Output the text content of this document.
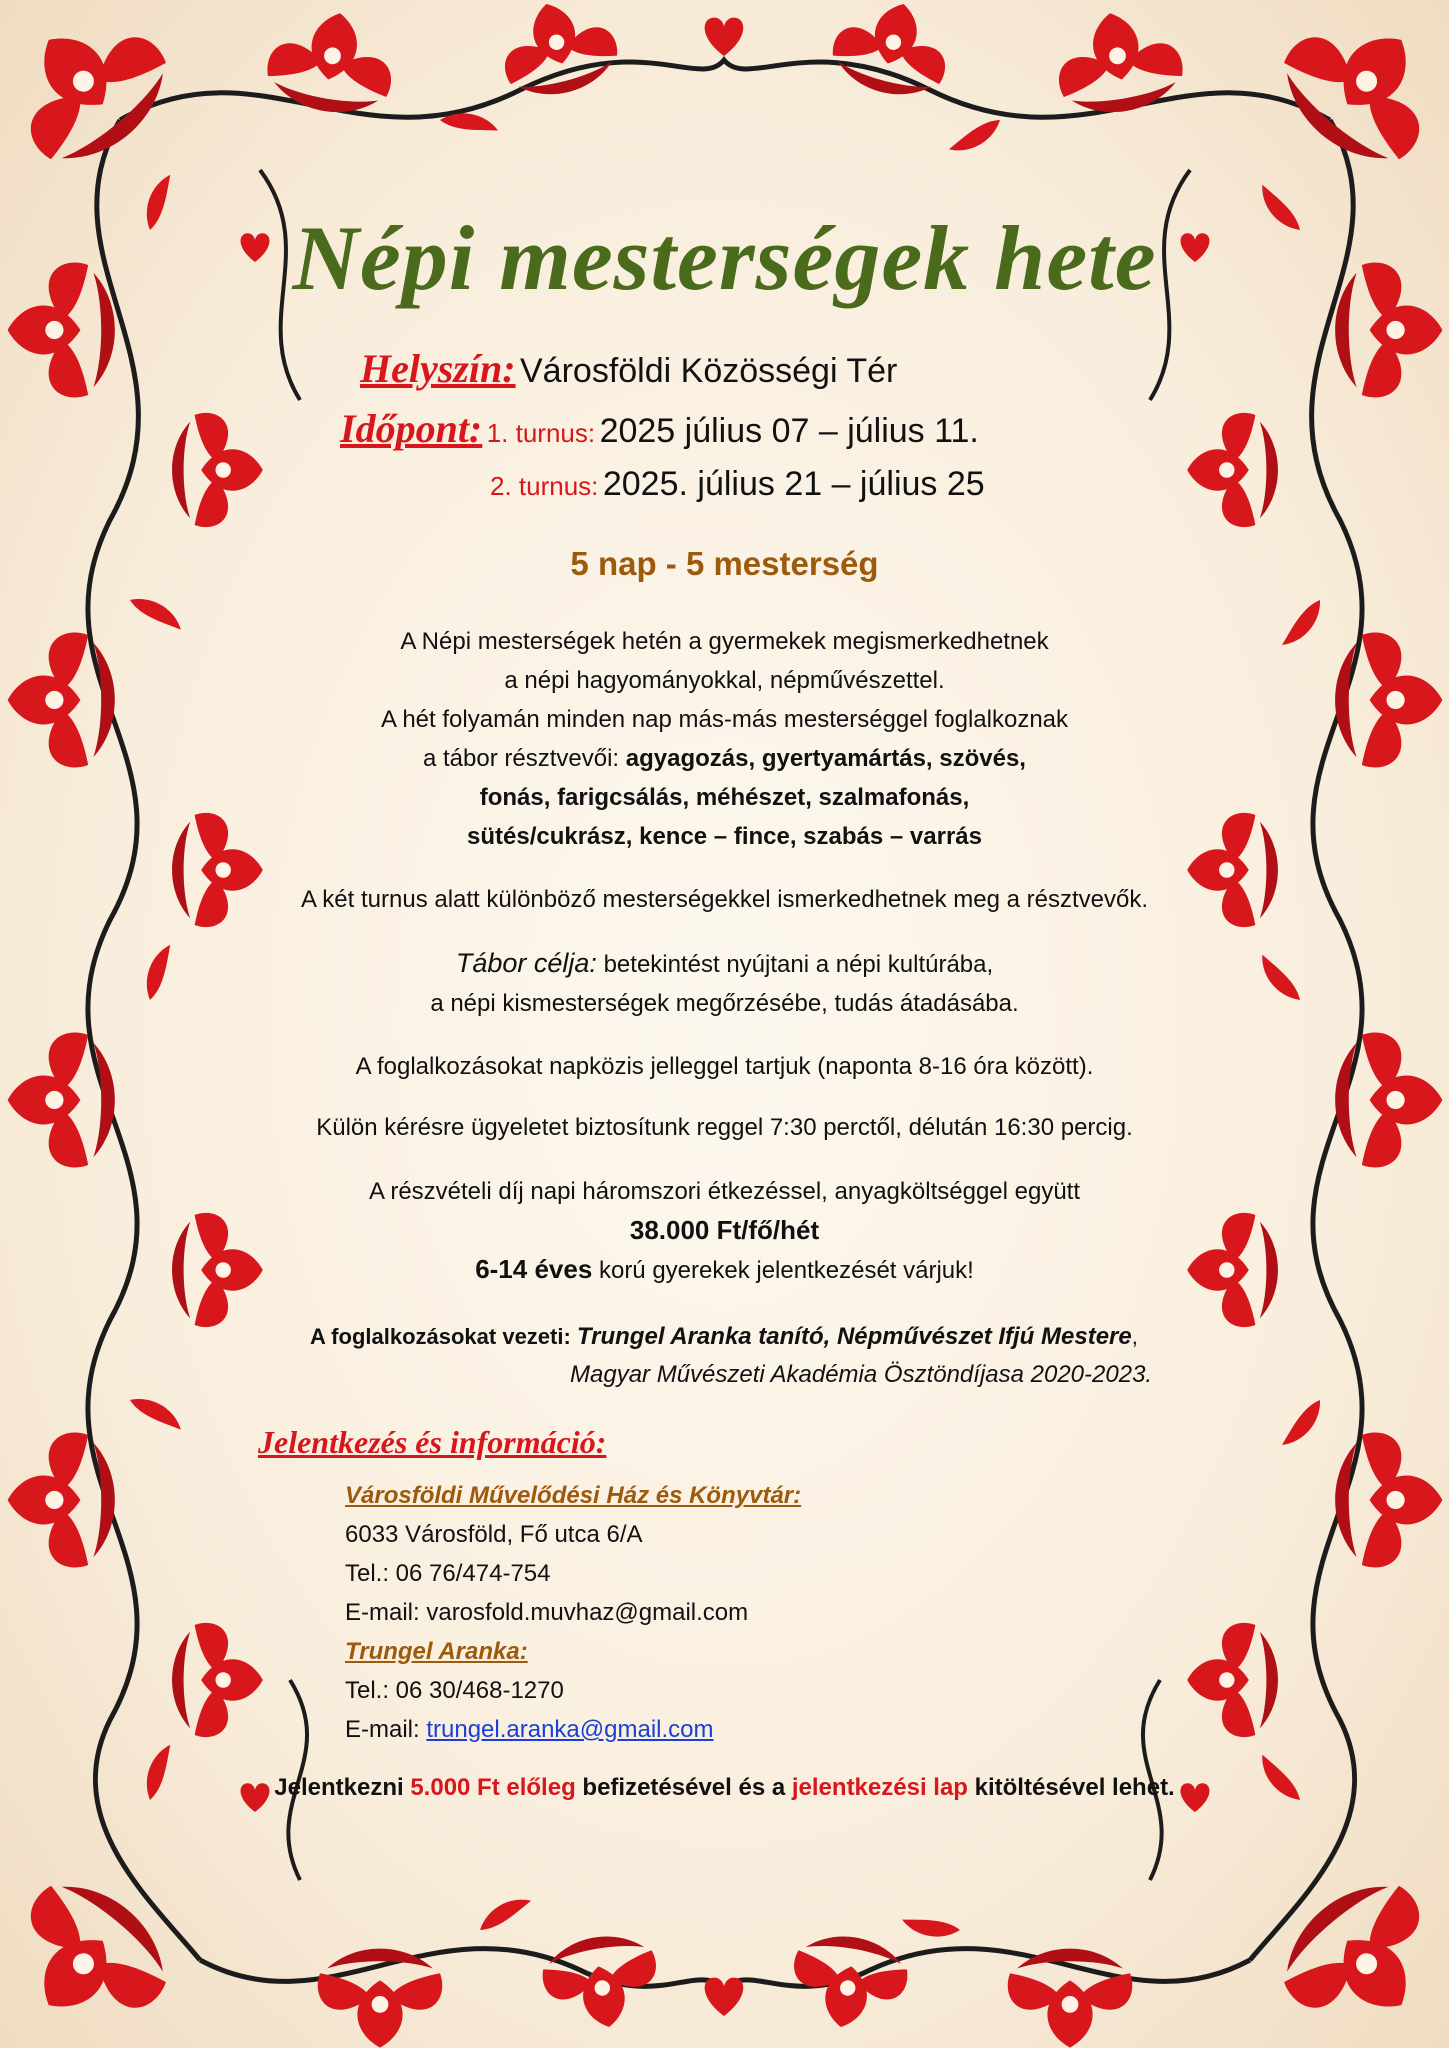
Népi mesterségek hete
Helyszín: Városföldi Közösségi Tér
Időpont: 1. turnus: 2025 július 07 – július 11.
2. turnus: 2025. július 21 – július 25
5 nap - 5 mesterség
A Népi mesterségek hetén a gyermekek megismerkedhetnek
a népi hagyományokkal, népművészettel.
A hét folyamán minden nap más-más mesterséggel foglalkoznak
a tábor résztvevői: agyagozás, gyertyamártás, szövés,
fonás, farigcsálás, méhészet, szalmafonás,
sütés/cukrász, kence – fince, szabás – varrás
A két turnus alatt különböző mesterségekkel ismerkedhetnek meg a résztvevők.
Tábor célja: betekintést nyújtani a népi kultúrába,
a népi kismesterségek megőrzésébe, tudás átadásába.
A foglalkozásokat napközis jelleggel tartjuk (naponta 8-16 óra között).
Külön kérésre ügyeletet biztosítunk reggel 7:30 perctől, délután 16:30 percig.
A részvételi díj napi háromszori étkezéssel, anyagköltséggel együtt
38.000 Ft/fő/hét
6-14 éves korú gyerekek jelentkezését várjuk!
A foglalkozásokat vezeti: Trungel Aranka tanító, Népművészet Ifjú Mestere,
Magyar Művészeti Akadémia Ösztöndíjasa 2020-2023.
Jelentkezés és információ:
Városföldi Művelődési Ház és Könyvtár:
6033 Városföld, Fő utca 6/A
Tel.: 06 76/474-754
E-mail: varosfold.muvhaz@gmail.com
Trungel Aranka:
Tel.: 06 30/468-1270
E-mail: trungel.aranka@gmail.com
Jelentkezni 5.000 Ft előleg befizetésével és a jelentkezési lap kitöltésével lehet.
